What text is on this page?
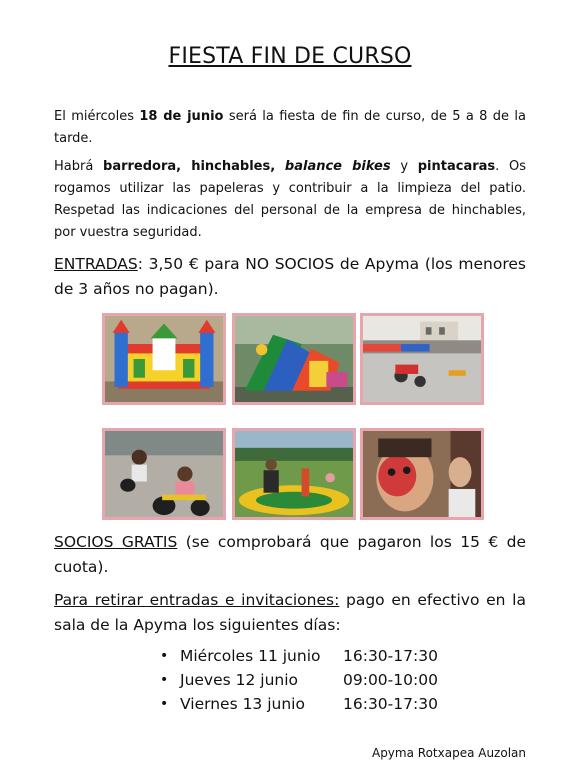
FIESTA FIN DE CURSO
El miércoles 18 de junio será la fiesta de fin de curso, de 5 a 8 de la tarde.
Habrá barredora, hinchables, balance bikes y pintacaras. Os rogamos utilizar las papeleras y contribuir a la limpieza del patio. Respetad las indicaciones del personal de la empresa de hinchables, por vuestra seguridad.
ENTRADAS: 3,50 € para NO SOCIOS de Apyma (los menores de 3 años no pagan).
SOCIOS GRATIS (se comprobará que pagaron los 15 € de cuota).
Para retirar entradas e invitaciones: pago en efectivo en la sala de la Apyma los siguientes días:
• Miércoles 11 junio	16:30-17:30
• Jueves 12 junio	09:00-10:00
• Viernes 13 junio	16:30-17:30
Apyma Rotxapea Auzolan
